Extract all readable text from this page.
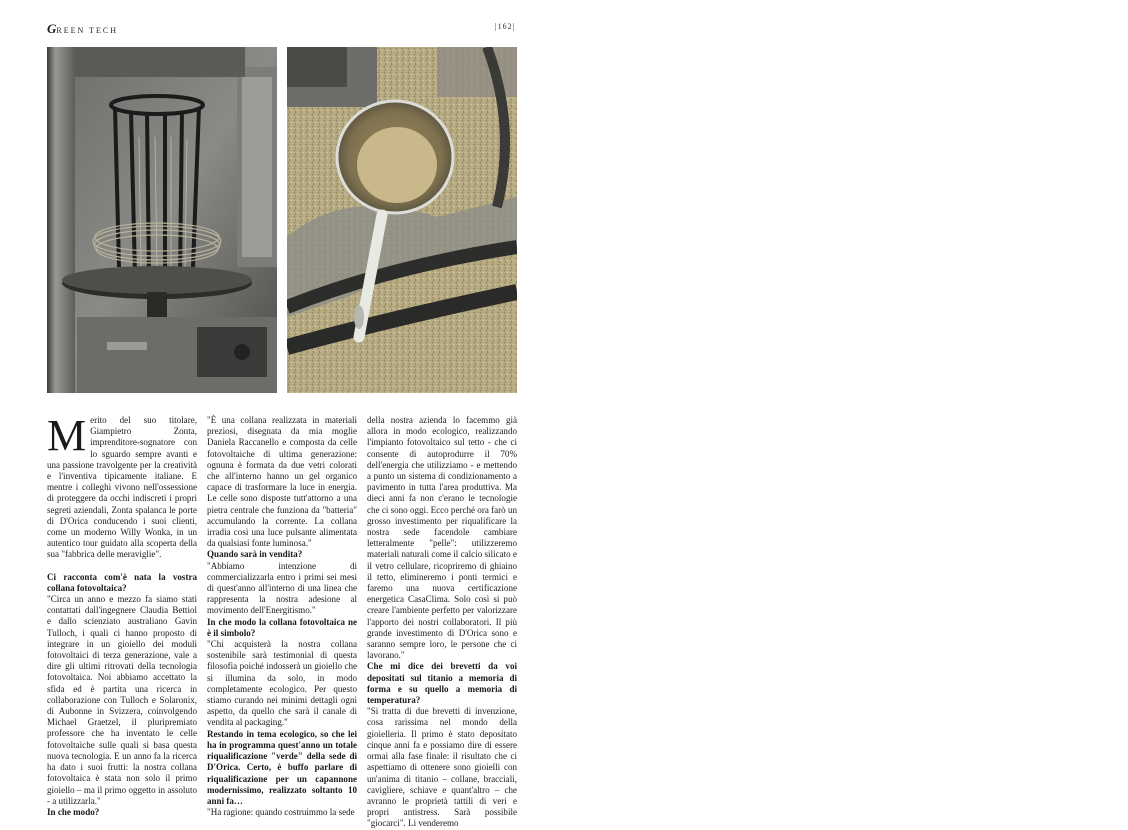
GREEN TECH	|162|

Merito del suo titolare, Giampietro Zonta, imprenditore-sognatore con lo sguardo sempre avanti e una passione travolgente per la creatività e l'inventiva tipicamente italiane. E mentre i colleghi vivono nell'ossessione di proteggere da occhi indiscreti i propri segreti aziendali, Zonta spalanca le porte di D'Orica conducendo i suoi clienti, come un moderno Willy Wonka, in un autentico tour guidato alla scoperta della sua "fabbrica delle meraviglie".

Ci racconta com'è nata la vostra collana fotovoltaica?

"Circa un anno e mezzo fa siamo stati contattati dall'ingegnere Claudia Bettiol e dallo scienziato australiano Gavin Tulloch, i quali ci hanno proposto di integrare in un gioiello dei moduli fotovoltaici di terza generazione, vale a dire gli ultimi ritrovati della tecnologia fotovoltaica. Noi abbiamo accettato la sfida ed è partita una ricerca in collaborazione con Tulloch e Solaronix, di Aubonne in Svizzera, coinvolgendo Michael Graetzel, il pluripremiato professore che ha inventato le celle fotovoltaiche sulle quali si basa questa nuova tecnologia. E un anno fa la ricerca ha dato i suoi frutti: la nostra collana fotovoltaica è stata non solo il primo gioiello – ma il primo oggetto in assoluto - a utilizzarla."

In che modo?

"È una collana realizzata in materiali preziosi, disegnata da mia moglie Daniela Raccanello e composta da celle fotovoltaiche di ultima generazione: ognuna è formata da due vetri colorati che all'interno hanno un gel organico capace di trasformare la luce in energia. Le celle sono disposte tutt'attorno a una pietra centrale che funziona da "batteria" accumulando la corrente. La collana irradia così una luce pulsante alimentata da qualsiasi fonte luminosa."

Quando sarà in vendita?

"Abbiamo intenzione di commercializzarla entro i primi sei mesi di quest'anno all'interno di una linea che rappresenta la nostra adesione al movimento dell'Energitismo."

In che modo la collana fotovoltaica ne è il simbolo?

"Chi acquisterà la nostra collana sostenibile sarà testimonial di questa filosofia poiché indosserà un gioiello che si illumina da solo, in modo completamente ecologico. Per questo stiamo curando nei minimi dettagli ogni aspetto, da quello che sarà il canale di vendita al packaging."

Restando in tema ecologico, so che lei ha in programma quest'anno un totale riqualificazione "verde" della sede di D'Orica. Certo, è buffo parlare di riqualificazione per un capannone modernissimo, realizzato soltanto 10 anni fa…

"Ha ragione: quando costruimmo la sede

della nostra azienda lo facemmo già allora in modo ecologico, realizzando l'impianto fotovoltaico sul tetto - che ci consente di autoprodurre il 70% dell'energia che utilizziamo - e mettendo a punto un sistema di condizionamento a pavimento in tutta l'area produttiva. Ma dieci anni fa non c'erano le tecnologie che ci sono oggi. Ecco perché ora farò un grosso investimento per riqualificare la nostra sede facendole cambiare letteralmente "pelle": utilizzeremo materiali naturali come il calcio silicato e il vetro cellulare, ricopriremo di ghiaino il tetto, elimineremo i ponti termici e faremo una nuova certificazione energetica CasaClima. Solo così si può creare l'ambiente perfetto per valorizzare l'apporto dei nostri collaboratori. Il più grande investimento di D'Orica sono e saranno sempre loro, le persone che ci lavorano."

Che mi dice dei brevetti da voi depositati sul titanio a memoria di forma e su quello a memoria di temperatura?

"Si tratta di due brevetti di invenzione, cosa rarissima nel mondo della gioielleria. Il primo è stato depositato cinque anni fa e possiamo dire di essere ormai alla fase finale: il risultato che ci aspettiamo di ottenere sono gioielli con un'anima di titanio – collane, bracciali, cavigliere, schiave e quant'altro – che avranno le proprietà tattili di veri e propri antistress. Sarà possibile "giocarci". Li venderemo
